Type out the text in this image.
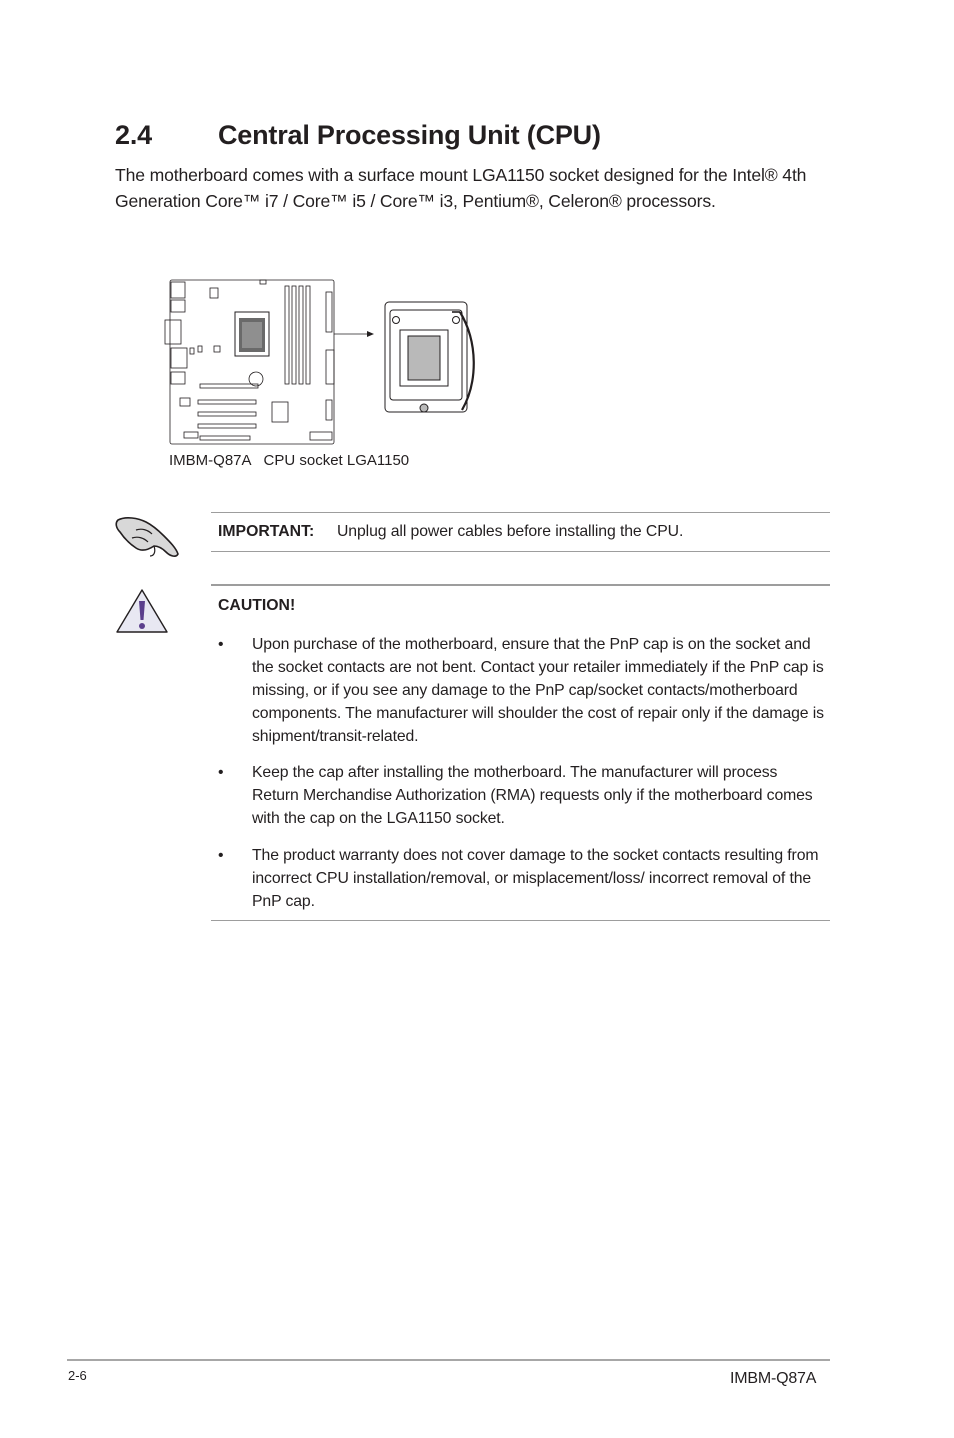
2.4 Central Processing Unit (CPU)
The motherboard comes with a surface mount LGA1150 socket designed for the Intel® 4th Generation Core™ i7 / Core™ i5 / Core™ i3, Pentium®, Celeron® processors.
IMBM-Q87A CPU socket LGA1150
IMPORTANT: Unplug all power cables before installing the CPU.
CAUTION!
•	Upon purchase of the motherboard, ensure that the PnP cap is on the socket and the socket contacts are not bent. Contact your retailer immediately if the PnP cap is missing, or if you see any damage to the PnP cap/socket contacts/motherboard components. The manufacturer will shoulder the cost of repair only if the damage is shipment/transit-related.
•	Keep the cap after installing the motherboard. The manufacturer will process Return Merchandise Authorization (RMA) requests only if the motherboard comes with the cap on the LGA1150 socket.
•	The product warranty does not cover damage to the socket contacts resulting from incorrect CPU installation/removal, or misplacement/loss/ incorrect removal of the PnP cap.
2-6	IMBM-Q87A
